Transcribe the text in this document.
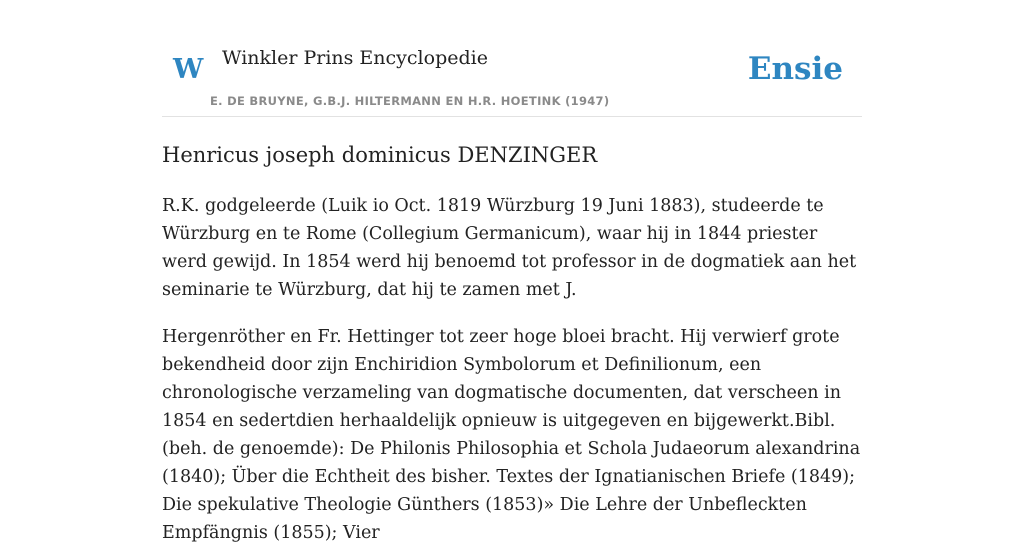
W Winkler Prins Encyclopedie
E. DE BRUYNE, G.B.J. HILTERMANN EN H.R. HOETINK (1947)
Ensie
Henricus joseph dominicus DENZINGER

R.K. godgeleerde (Luik io Oct. 1819 Würzburg 19 Juni 1883), studeerde te Würzburg en te Rome (Collegium Germanicum), waar hij in 1844 priester werd gewijd. In 1854 werd hij benoemd tot professor in de dogmatiek aan het seminarie te Würzburg, dat hij te zamen met J.

Hergenröther en Fr. Hettinger tot zeer hoge bloei bracht. Hij verwierf grote bekendheid door zijn Enchiridion Symbolorum et Definilionum, een chronologische verzameling van dogmatische documenten, dat verscheen in 1854 en sedertdien herhaaldelijk opnieuw is uitgegeven en bijgewerkt.Bibl. (beh. de genoemde): De Philonis Philosophia et Schola Judaeorum alexandrina (1840); Über die Echtheit des bisher. Textes der Ignatianischen Briefe (1849); Die spekulative Theologie Günthers (1853)» Die Lehre der Unbefleckten Empfängnis (1855); Vier
